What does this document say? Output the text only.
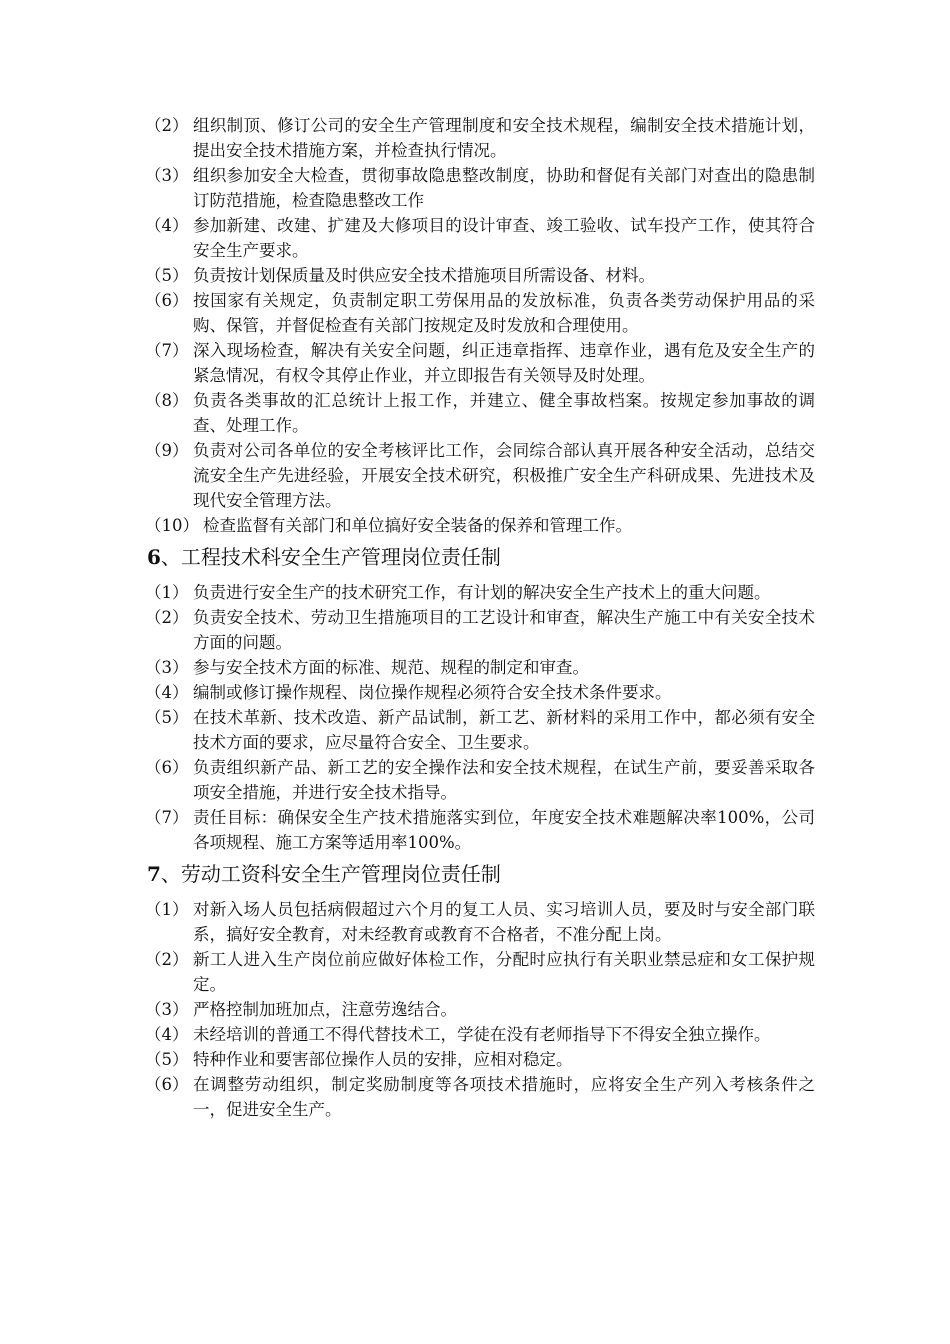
（2） 组织制顶、修订公司的安全生产管理制度和安全技术规程，编制安全技术措施计划，提出安全技术措施方案，并检查执行情况。
（3） 组织参加安全大检查，贯彻事故隐患整改制度，协助和督促有关部门对查出的隐患制订防范措施，检查隐患整改工作
（4） 参加新建、改建、扩建及大修项目的设计审查、竣工验收、试车投产工作，使其符合安全生产要求。
（5） 负责按计划保质量及时供应安全技术措施项目所需设备、材料。
（6） 按国家有关规定，负责制定职工劳保用品的发放标准，负责各类劳动保护用品的采购、保管，并督促检查有关部门按规定及时发放和合理使用。
（7） 深入现场检查，解决有关安全问题，纠正违章指挥、违章作业，遇有危及安全生产的紧急情况，有权令其停止作业，并立即报告有关领导及时处理。
（8） 负责各类事故的汇总统计上报工作，并建立、健全事故档案。按规定参加事故的调查、处理工作。
（9） 负责对公司各单位的安全考核评比工作，会同综合部认真开展各种安全活动，总结交流安全生产先进经验，开展安全技术研究，积极推广安全生产科研成果、先进技术及现代安全管理方法。
（10） 检查监督有关部门和单位搞好安全装备的保养和管理工作。
6、工程技术科安全生产管理岗位责任制
（1） 负责进行安全生产的技术研究工作，有计划的解决安全生产技术上的重大问题。
（2） 负责安全技术、劳动卫生措施项目的工艺设计和审查，解决生产施工中有关安全技术方面的问题。
（3） 参与安全技术方面的标准、规范、规程的制定和审查。
（4） 编制或修订操作规程、岗位操作规程必须符合安全技术条件要求。
（5） 在技术革新、技术改造、新产品试制，新工艺、新材料的采用工作中，都必须有安全技术方面的要求，应尽量符合安全、卫生要求。
（6） 负责组织新产品、新工艺的安全操作法和安全技术规程，在试生产前，要妥善采取各项安全措施，并进行安全技术指导。
（7） 责任目标：确保安全生产技术措施落实到位，年度安全技术难题解决率100%，公司各项规程、施工方案等适用率100%。
7、劳动工资科安全生产管理岗位责任制
（1） 对新入场人员包括病假超过六个月的复工人员、实习培训人员，要及时与安全部门联系，搞好安全教育，对未经教育或教育不合格者，不准分配上岗。
（2） 新工人进入生产岗位前应做好体检工作，分配时应执行有关职业禁忌症和女工保护规定。
（3） 严格控制加班加点，注意劳逸结合。
（4） 未经培训的普通工不得代替技术工，学徒在没有老师指导下不得安全独立操作。
（5） 特种作业和要害部位操作人员的安排，应相对稳定。
（6） 在调整劳动组织，制定奖励制度等各项技术措施时，应将安全生产列入考核条件之一，促进安全生产。
